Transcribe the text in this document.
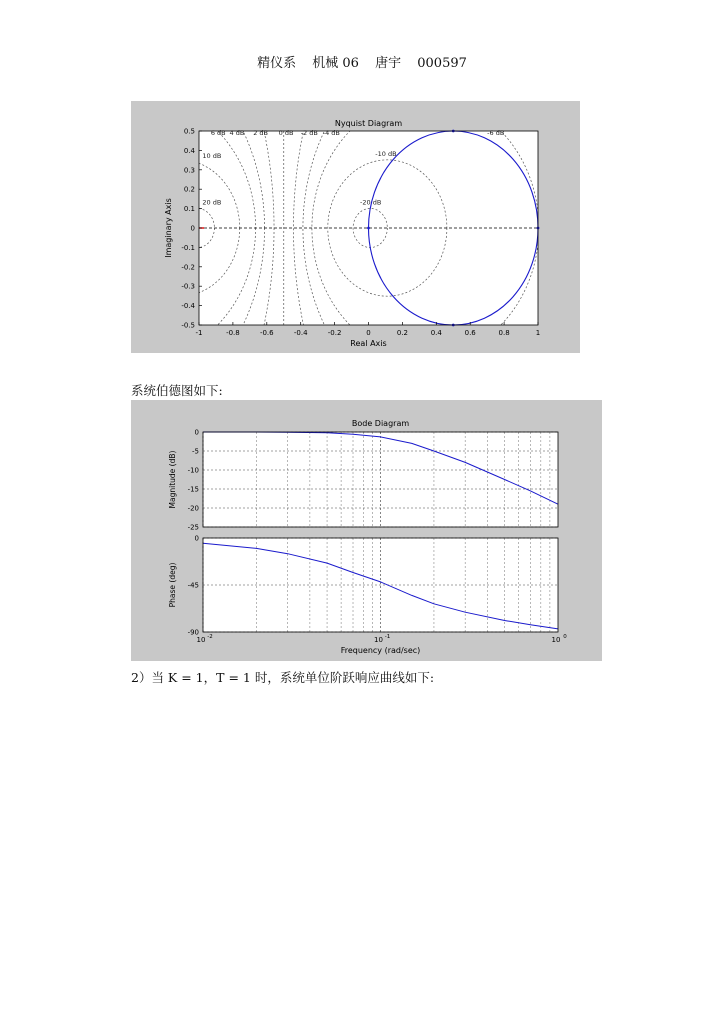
精仪系 机械 06 唐宇 000597
6 dB 4 dB 2 dB 0 dB -2 dB -4 dB	-6 dB
10 dB	-10 dB
20 dB	-20 dB
-1	-0.8	-0.6	-0.4	-0.2	0	0.2	0.4	0.6	0.8	1
0.5
0.4
0.3
0.2
0.1
0
-0.1
-0.2
-0.3
-0.4
-0.5
Nyquist Diagram
Real Axis
Imaginary Axis
系统伯德图如下:
Bode Diagram
0
-5
-10
-15
-20
-25
Magnitude (dB)
0
-45
-90
Phase (deg)
10 -2	10 -1	10 0
Frequency (rad/sec)
2）当 K = 1，T = 1 时，系统单位阶跃响应曲线如下:
